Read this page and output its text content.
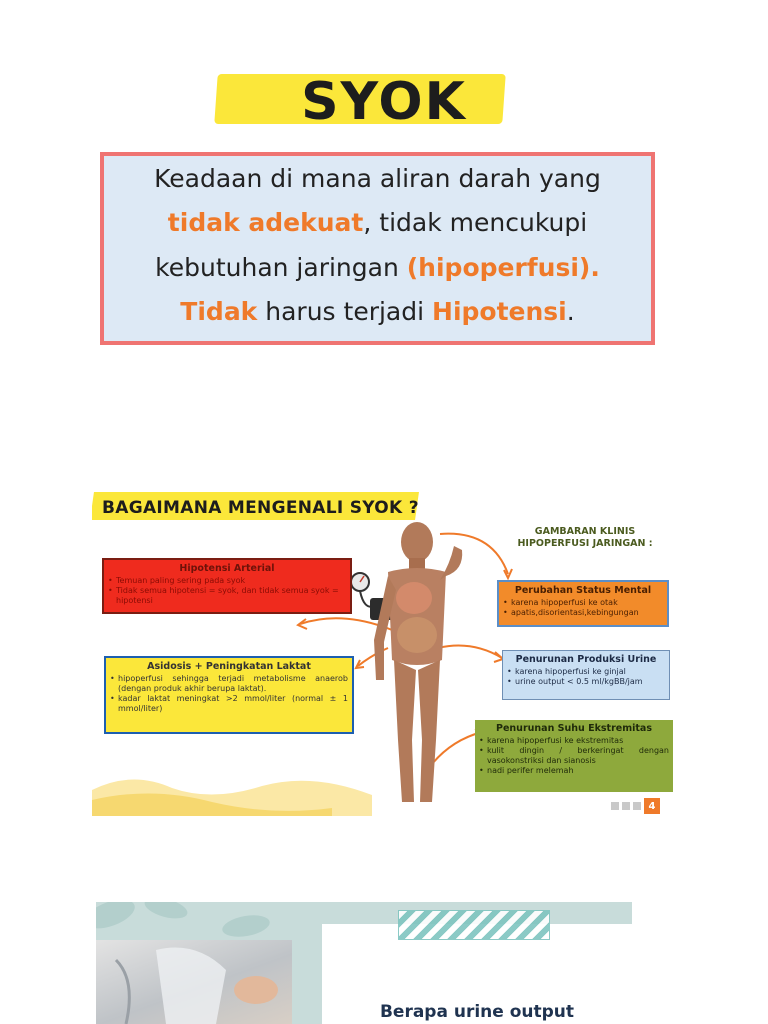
SYOK
Keadaan di mana aliran darah yang
tidak adekuat, tidak mencukupi
kebutuhan jaringan (hipoperfusi).
Tidak harus terjadi Hipotensi.
BAGAIMANA MENGENALI SYOK ?
GAMBARAN KLINIS
HIPOPERFUSI JARINGAN :
Hipotensi Arterial
• Temuan paling sering pada syok
• Tidak semua hipotensi = syok, dan tidak semua syok = hipotensi
Asidosis + Peningkatan Laktat
• hipoperfusi sehingga terjadi metabolisme anaerob (dengan produk akhir berupa laktat).
• kadar laktat meningkat >2 mmol/liter (normal ± 1 mmol/liter)
Perubahan Status Mental
• karena hipoperfusi ke otak
• apatis,disorientasi,kebingungan
Penurunan Produksi Urine
• karena hipoperfusi ke ginjal
• urine output < 0.5 ml/kgBB/jam
Penurunan Suhu Ekstremitas
• karena hipoperfusi ke ekstremitas
• kulit dingin / berkeringat dengan vasokonstriksi dan sianosis
• nadi perifer melemah
4
Berapa urine output
